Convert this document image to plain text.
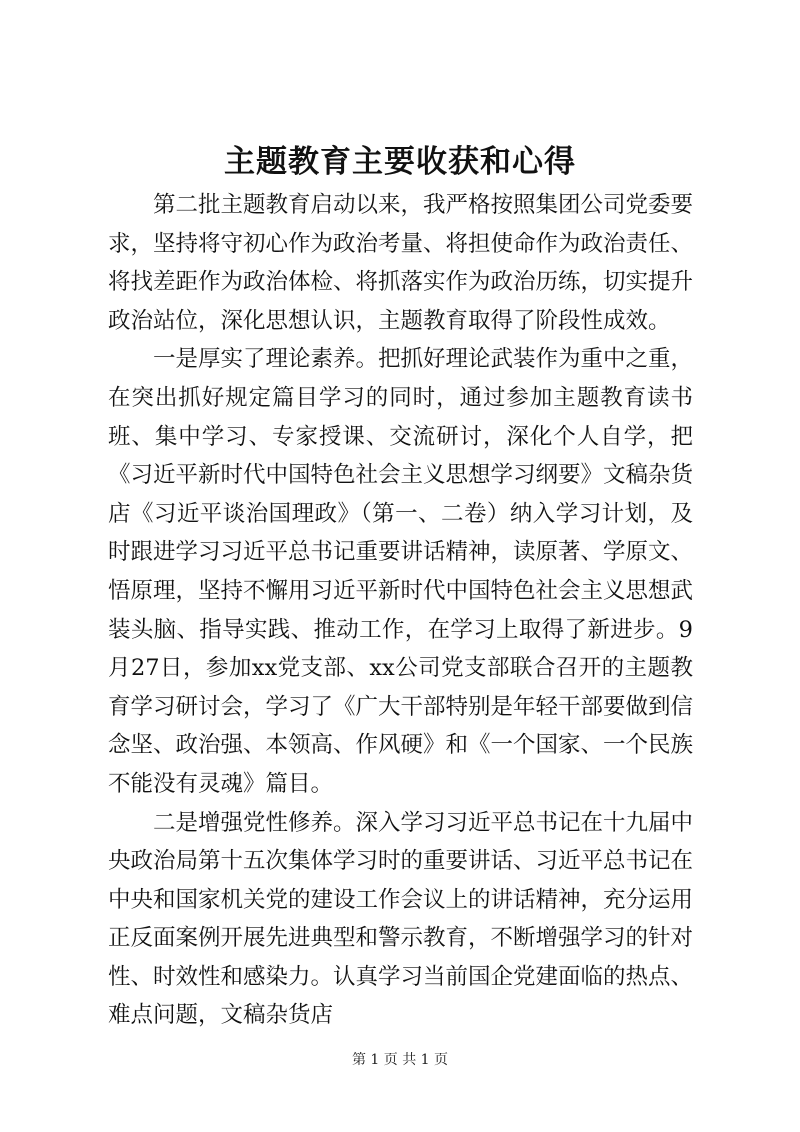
主题教育主要收获和心得

第二批主题教育启动以来，我严格按照集团公司党委要求，坚持将守初心作为政治考量、将担使命作为政治责任、将找差距作为政治体检、将抓落实作为政治历练，切实提升政治站位，深化思想认识，主题教育取得了阶段性成效。

一是厚实了理论素养。把抓好理论武装作为重中之重，在突出抓好规定篇目学习的同时，通过参加主题教育读书班、集中学习、专家授课、交流研讨，深化个人自学，把《习近平新时代中国特色社会主义思想学习纲要》文稿杂货店《习近平谈治国理政》（第一、二卷）纳入学习计划，及时跟进学习习近平总书记重要讲话精神，读原著、学原文、悟原理，坚持不懈用习近平新时代中国特色社会主义思想武装头脑、指导实践、推动工作，在学习上取得了新进步。9月27日，参加xx党支部、xx公司党支部联合召开的主题教育学习研讨会，学习了《广大干部特别是年轻干部要做到信念坚、政治强、本领高、作风硬》和《一个国家、一个民族不能没有灵魂》篇目。

二是增强党性修养。深入学习习近平总书记在十九届中央政治局第十五次集体学习时的重要讲话、习近平总书记在中央和国家机关党的建设工作会议上的讲话精神，充分运用正反面案例开展先进典型和警示教育，不断增强学习的针对性、时效性和感染力。认真学习当前国企党建面临的热点、难点问题，文稿杂货店

第 1 页 共 1 页
